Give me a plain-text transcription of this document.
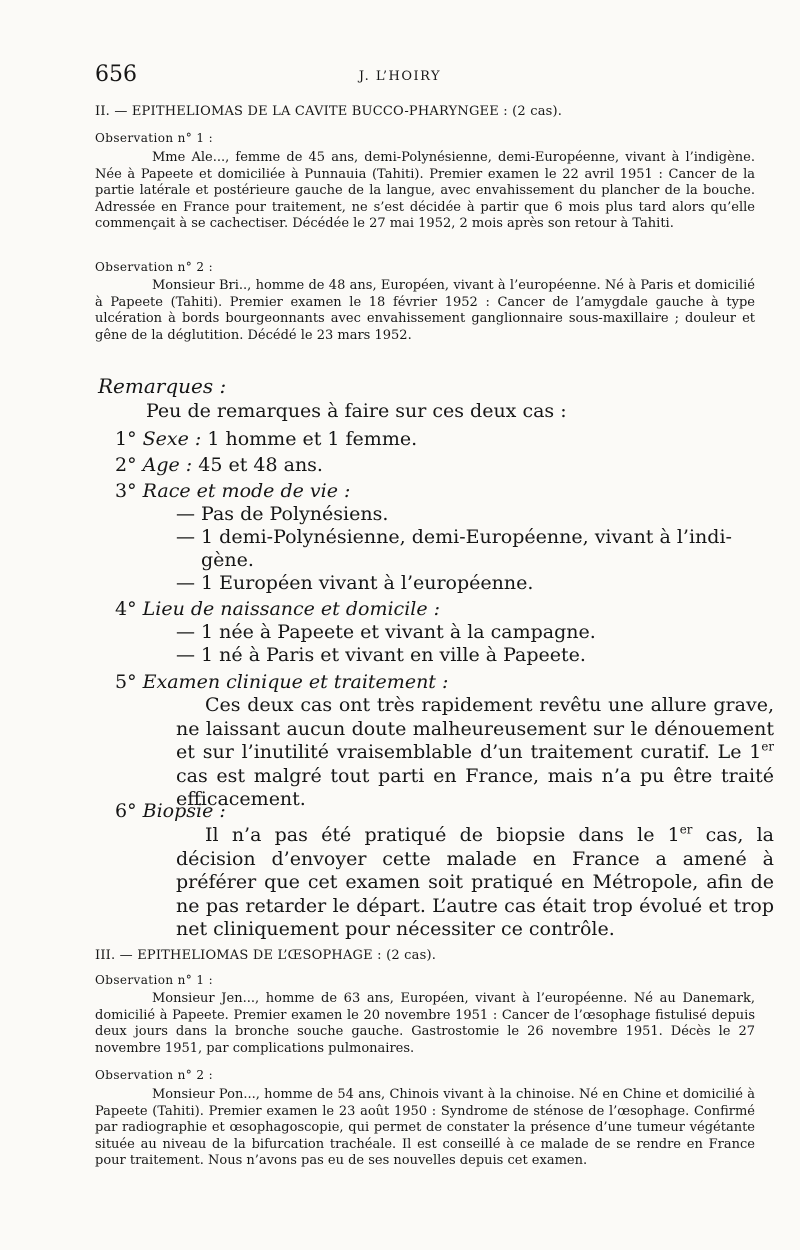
656	J. L’HOIRY
II. — EPITHELIOMAS DE LA CAVITE BUCCO-PHARYNGEE : (2 cas).
Observation n° 1 :
Mme Ale..., femme de 45 ans, demi-Polynésienne, demi-Européenne, vivant à l’indigène. Née à Papeete et domiciliée à Punnauia (Tahiti). Premier examen le 22 avril 1951 : Cancer de la partie latérale et postérieure gauche de la langue, avec envahissement du plancher de la bouche. Adressée en France pour traitement, ne s’est décidée à partir que 6 mois plus tard alors qu’elle commençait à se cachectiser. Décédée le 27 mai 1952, 2 mois après son retour à Tahiti.
Observation n° 2 :
Monsieur Bri.., homme de 48 ans, Européen, vivant à l’européenne. Né à Paris et domicilié à Papeete (Tahiti). Premier examen le 18 février 1952 : Cancer de l’amygdale gauche à type ulcération à bords bourgeonnants avec envahissement ganglionnaire sous-maxillaire ; douleur et gêne de la déglutition. Décédé le 23 mars 1952.
Remarques :
Peu de remarques à faire sur ces deux cas :
1° Sexe : 1 homme et 1 femme.
2° Age : 45 et 48 ans.
3° Race et mode de vie :
— Pas de Polynésiens.
— 1 demi-Polynésienne, demi-Européenne, vivant à l’indi-
gène.
— 1 Européen vivant à l’européenne.
4° Lieu de naissance et domicile :
— 1 née à Papeete et vivant à la campagne.
— 1 né à Paris et vivant en ville à Papeete.
5° Examen clinique et traitement :
Ces deux cas ont très rapidement revêtu une allure grave, ne laissant aucun doute malheureusement sur le dénouement et sur l’inutilité vraisemblable d’un traitement curatif. Le 1er cas est malgré tout parti en France, mais n’a pu être traité efficacement.
6° Biopsie :
Il n’a pas été pratiqué de biopsie dans le 1er cas, la décision d’envoyer cette malade en France a amené à préférer que cet examen soit pratiqué en Métropole, afin de ne pas retarder le départ. L’autre cas était trop évolué et trop net cliniquement pour nécessiter ce contrôle.
III. — EPITHELIOMAS DE L’ŒSOPHAGE : (2 cas).
Observation n° 1 :
Monsieur Jen..., homme de 63 ans, Européen, vivant à l’européenne. Né au Danemark, domicilié à Papeete. Premier examen le 20 novembre 1951 : Cancer de l’œsophage fistulisé depuis deux jours dans la bronche souche gauche. Gastrostomie le 26 novembre 1951. Décès le 27 novembre 1951, par complications pulmonaires.
Observation n° 2 :
Monsieur Pon..., homme de 54 ans, Chinois vivant à la chinoise. Né en Chine et domicilié à Papeete (Tahiti). Premier examen le 23 août 1950 : Syndrome de sténose de l’œsophage. Confirmé par radiographie et œsophagoscopie, qui permet de constater la présence d’une tumeur végétante située au niveau de la bifurcation trachéale. Il est conseillé à ce malade de se rendre en France pour traitement. Nous n’avons pas eu de ses nouvelles depuis cet examen.
